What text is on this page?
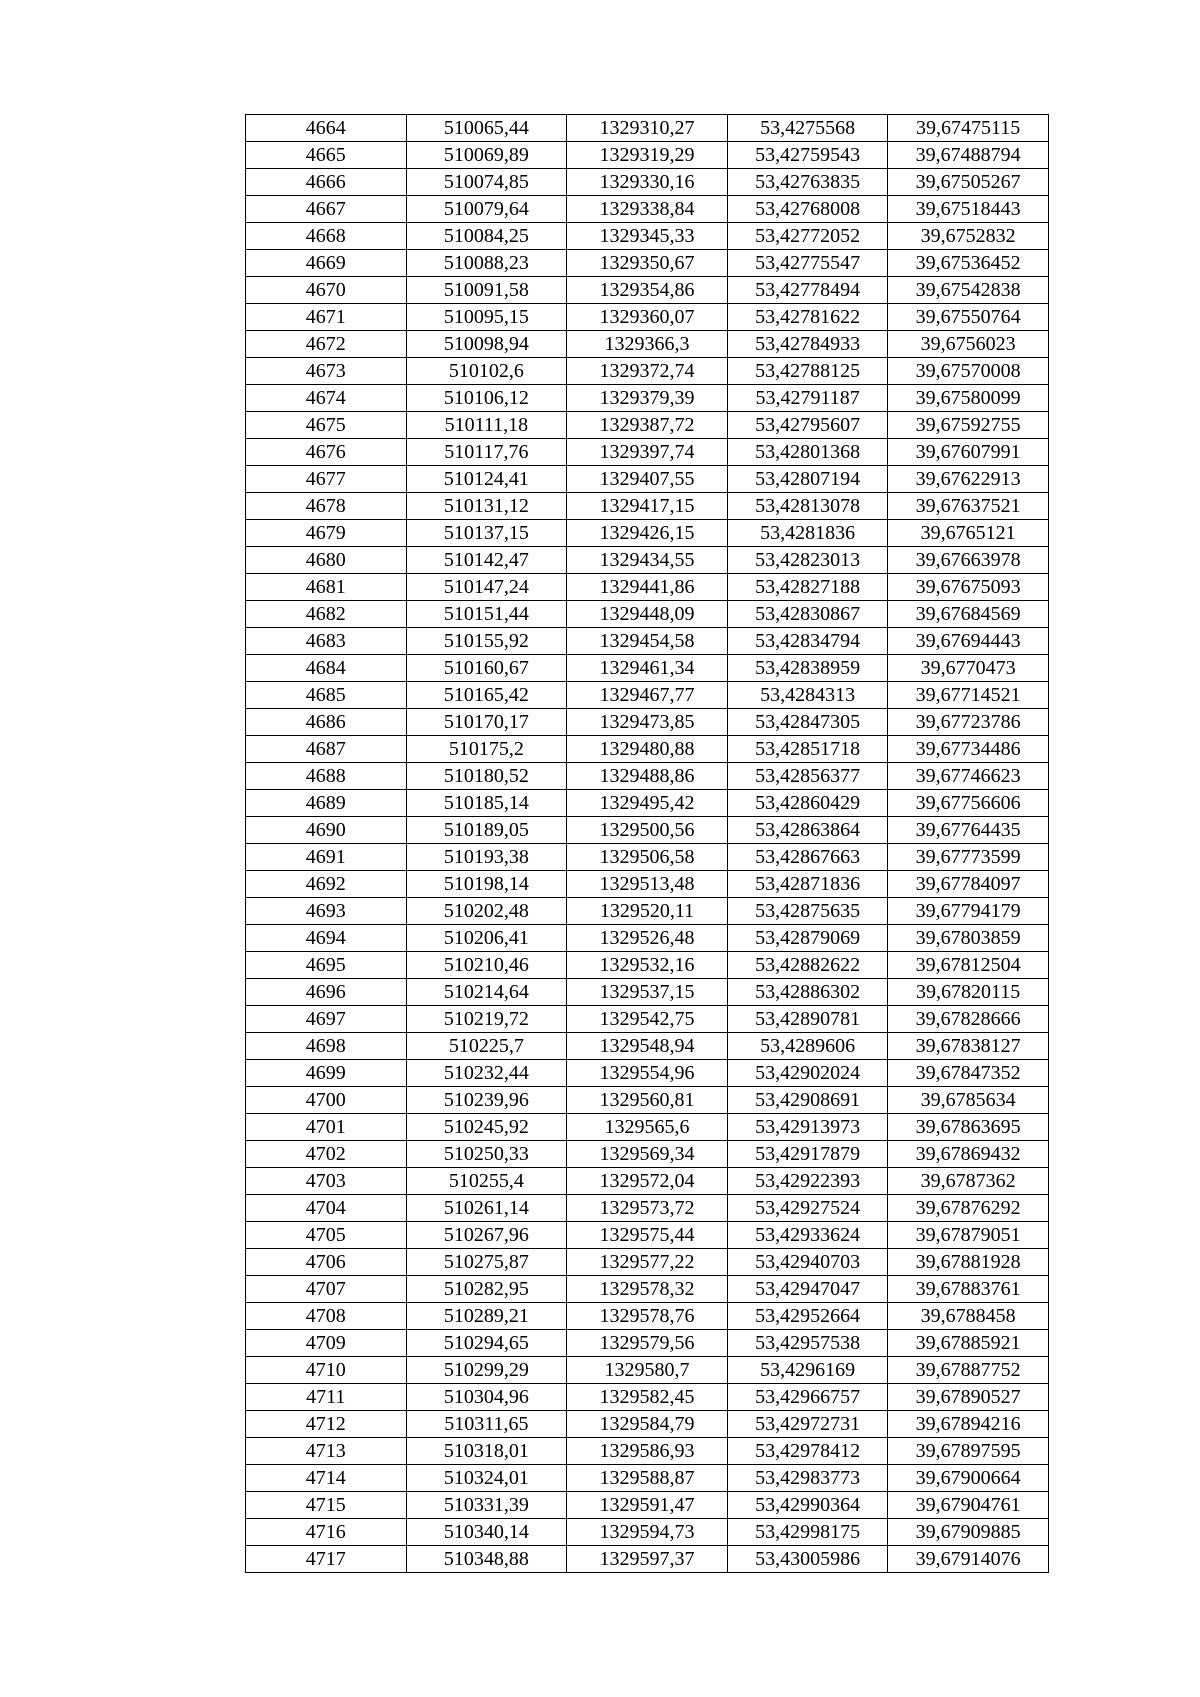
4664	510065,44	1329310,27	53,4275568	39,67475115
4665	510069,89	1329319,29	53,42759543	39,67488794
4666	510074,85	1329330,16	53,42763835	39,67505267
4667	510079,64	1329338,84	53,42768008	39,67518443
4668	510084,25	1329345,33	53,42772052	39,6752832
4669	510088,23	1329350,67	53,42775547	39,67536452
4670	510091,58	1329354,86	53,42778494	39,67542838
4671	510095,15	1329360,07	53,42781622	39,67550764
4672	510098,94	1329366,3	53,42784933	39,6756023
4673	510102,6	1329372,74	53,42788125	39,67570008
4674	510106,12	1329379,39	53,42791187	39,67580099
4675	510111,18	1329387,72	53,42795607	39,67592755
4676	510117,76	1329397,74	53,42801368	39,67607991
4677	510124,41	1329407,55	53,42807194	39,67622913
4678	510131,12	1329417,15	53,42813078	39,67637521
4679	510137,15	1329426,15	53,4281836	39,6765121
4680	510142,47	1329434,55	53,42823013	39,67663978
4681	510147,24	1329441,86	53,42827188	39,67675093
4682	510151,44	1329448,09	53,42830867	39,67684569
4683	510155,92	1329454,58	53,42834794	39,67694443
4684	510160,67	1329461,34	53,42838959	39,6770473
4685	510165,42	1329467,77	53,4284313	39,67714521
4686	510170,17	1329473,85	53,42847305	39,67723786
4687	510175,2	1329480,88	53,42851718	39,67734486
4688	510180,52	1329488,86	53,42856377	39,67746623
4689	510185,14	1329495,42	53,42860429	39,67756606
4690	510189,05	1329500,56	53,42863864	39,67764435
4691	510193,38	1329506,58	53,42867663	39,67773599
4692	510198,14	1329513,48	53,42871836	39,67784097
4693	510202,48	1329520,11	53,42875635	39,67794179
4694	510206,41	1329526,48	53,42879069	39,67803859
4695	510210,46	1329532,16	53,42882622	39,67812504
4696	510214,64	1329537,15	53,42886302	39,67820115
4697	510219,72	1329542,75	53,42890781	39,67828666
4698	510225,7	1329548,94	53,4289606	39,67838127
4699	510232,44	1329554,96	53,42902024	39,67847352
4700	510239,96	1329560,81	53,42908691	39,6785634
4701	510245,92	1329565,6	53,42913973	39,67863695
4702	510250,33	1329569,34	53,42917879	39,67869432
4703	510255,4	1329572,04	53,42922393	39,6787362
4704	510261,14	1329573,72	53,42927524	39,67876292
4705	510267,96	1329575,44	53,42933624	39,67879051
4706	510275,87	1329577,22	53,42940703	39,67881928
4707	510282,95	1329578,32	53,42947047	39,67883761
4708	510289,21	1329578,76	53,42952664	39,6788458
4709	510294,65	1329579,56	53,42957538	39,67885921
4710	510299,29	1329580,7	53,4296169	39,67887752
4711	510304,96	1329582,45	53,42966757	39,67890527
4712	510311,65	1329584,79	53,42972731	39,67894216
4713	510318,01	1329586,93	53,42978412	39,67897595
4714	510324,01	1329588,87	53,42983773	39,67900664
4715	510331,39	1329591,47	53,42990364	39,67904761
4716	510340,14	1329594,73	53,42998175	39,67909885
4717	510348,88	1329597,37	53,43005986	39,67914076
